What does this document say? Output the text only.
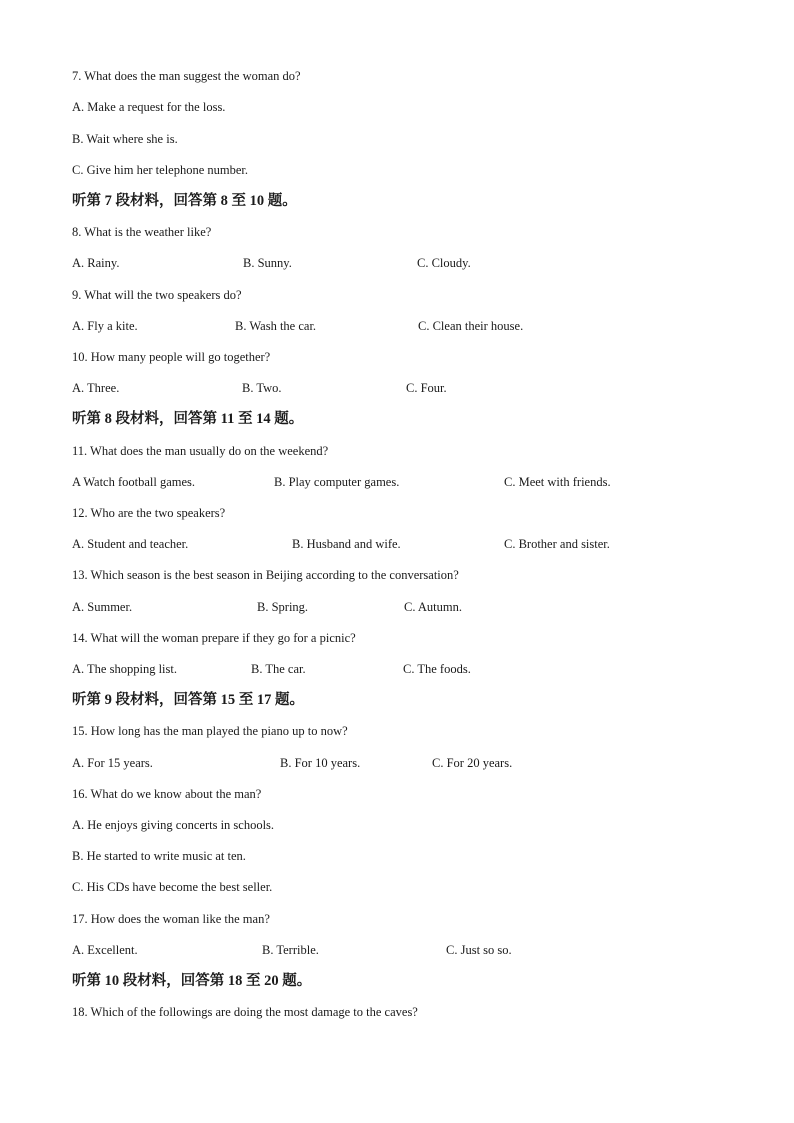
7. What does the man suggest the woman do?
A. Make a request for the loss.
B. Wait where she is.
C. Give him her telephone number.
听第 7 段材料，回答第 8 至 10 题。
8. What is the weather like?
A. Rainy.	B. Sunny.	C. Cloudy.
9. What will the two speakers do?
A. Fly a kite.	B. Wash the car.	C. Clean their house.
10. How many people will go together?
A. Three.	B. Two.	C. Four.
听第 8 段材料，回答第 11 至 14 题。
11. What does the man usually do on the weekend?
A Watch football games.	B. Play computer games.	C. Meet with friends.
12. Who are the two speakers?
A. Student and teacher.	B. Husband and wife.	C. Brother and sister.
13. Which season is the best season in Beijing according to the conversation?
A. Summer.	B. Spring.	C. Autumn.
14. What will the woman prepare if they go for a picnic?
A. The shopping list.	B. The car.	C. The foods.
听第 9 段材料，回答第 15 至 17 题。
15. How long has the man played the piano up to now?
A. For 15 years.	B. For 10 years.	C. For 20 years.
16. What do we know about the man?
A. He enjoys giving concerts in schools.
B. He started to write music at ten.
C. His CDs have become the best seller.
17. How does the woman like the man?
A. Excellent.	B. Terrible.	C. Just so so.
听第 10 段材料，回答第 18 至 20 题。
18. Which of the followings are doing the most damage to the caves?
